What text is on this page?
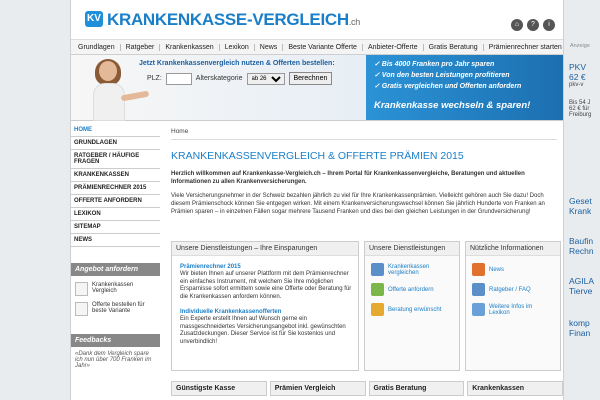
KV KRANKENKASSE-VERGLEICH.ch	⌂	?	i
Grundlagen	Ratgeber	Krankenkassen	Lexikon	News	Beste Variante Offerte	Anbieter-Offerte	Gratis Beratung	Prämienrechner starten
Jetzt Krankenkassenvergleich nutzen & Offerten bestellen:
PLZ:	Alterskategorie
ab 26	Berechnen
✓ Bis 4000 Franken pro Jahr sparen
✓ Von den besten Leistungen profitieren
✓ Gratis vergleichen und Offerten anfordern
Krankenkasse wechseln & sparen!
HOME
GRUNDLAGEN
RATGEBER / HÄUFIGE FRAGEN
KRANKENKASSEN
PRÄMIENRECHNER 2015
OFFERTE ANFORDERN
LEXIKON
SITEMAP
NEWS
Angebot anfordern
Krankenkassen Vergleich
Offerte bestellen für beste Variante
Feedbacks
«Dank dem Vergleich spare ich nun über 700 Franken im Jahr»
Home
KRANKENKASSENVERGLEICH & OFFERTE PRÄMIEN 2015
Herzlich willkommen auf Krankenkasse-Vergleich.ch – Ihrem Portal für Krankenkassenvergleiche, Beratungen und aktuellen Informationen zu allen Krankenversicherungen.
Viele Versicherungsnehmer in der Schweiz bezahlen jährlich zu viel für Ihre Krankenkassenprämien. Vielleicht gehören auch Sie dazu! Doch diesem Prämienschock können Sie entgegen wirken. Mit einem Krankenversicherungswechsel können Sie jährlich Hunderte von Franken an Prämien sparen – in einzelnen Fällen sogar mehrere Tausend Franken und dies bei den gleichen Leistungen in der Grundversicherung!
Unsere Dienstleistungen – Ihre Einsparungen
Prämienrechner 2015
Wir bieten Ihnen auf unserer Plattform mit dem Prämienrechner ein einfaches Instrument, mit welchem Sie Ihre möglichen Ersparnisse sofort ermitteln sowie eine Offerte oder Beratung für die Krankenkassen anfordern können.
Individuelle Krankenkassenofferten
Ein Experte erstellt Ihnen auf Wunsch gerne ein massgeschneidertes Versicherungsangebot inkl. gewünschten Zusatzdeckungen. Dieser Service ist für Sie kostenlos und unverbindlich!
Unsere Dienstleistungen
Krankenkassen vergleichen
Offerte anfordern
Beratung erwünscht
Nützliche Informationen
News
Ratgeber / FAQ
Weitere Infos im Lexikon
Günstigste Kasse	Prämien Vergleich	Gratis Beratung	Krankenkassen
Anzeige
PKV
62 €
pkv-v
Bis 54 J
62 € für
Freiburg
Geset
Krank
Baufin
Rechn
AGILA
Tierve
komp
Finan
